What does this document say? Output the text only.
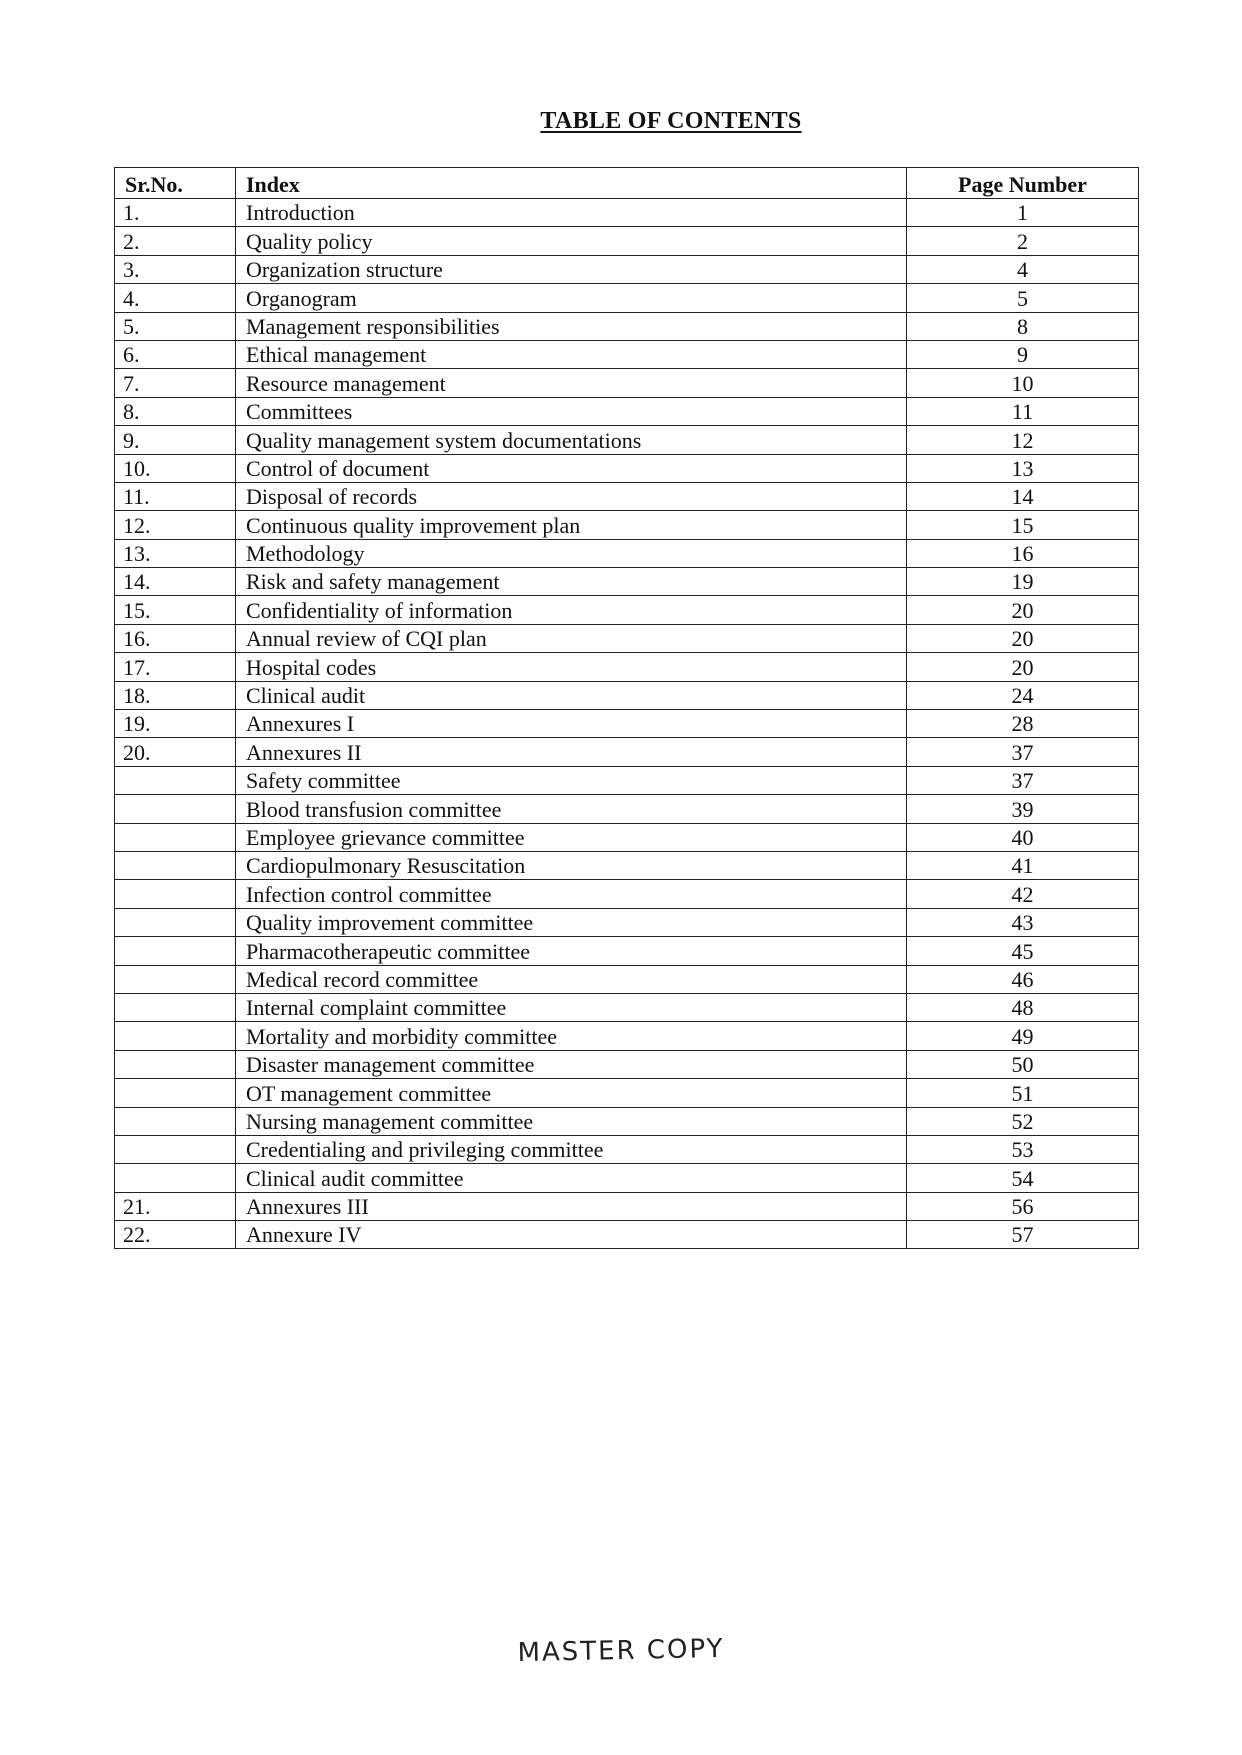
TABLE OF CONTENTS
Sr.No.	Index	Page Number
1.	Introduction	1
2.	Quality policy	2
3.	Organization structure	4
4.	Organogram	5
5.	Management responsibilities	8
6.	Ethical management	9
7.	Resource management	10
8.	Committees	11
9.	Quality management system documentations	12
10.	Control of document	13
11.	Disposal of records	14
12.	Continuous quality improvement plan	15
13.	Methodology	16
14.	Risk and safety management	19
15.	Confidentiality of information	20
16.	Annual review of CQI plan	20
17.	Hospital codes	20
18.	Clinical audit	24
19.	Annexures I	28
20.	Annexures II	37
	Safety committee	37
	Blood transfusion committee	39
	Employee grievance committee	40
	Cardiopulmonary Resuscitation	41
	Infection control committee	42
	Quality improvement committee	43
	Pharmacotherapeutic committee	45
	Medical record committee	46
	Internal complaint committee	48
	Mortality and morbidity committee	49
	Disaster management committee	50
	OT management committee	51
	Nursing management committee	52
	Credentialing and privileging committee	53
	Clinical audit committee	54
21.	Annexures III	56
22.	Annexure IV	57
MASTER COPY
